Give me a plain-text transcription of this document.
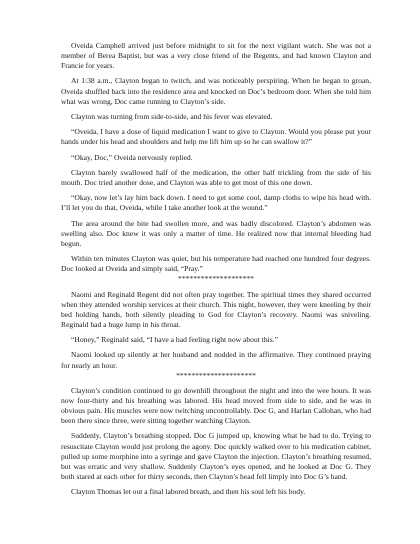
Oveida Camphell arrived just before midnight to sit for the next vigilant watch. She was not a member of Berea Baptist, but was a very close friend of the Regents, and had known Clayton and Francie for years.

At 1:38 a.m., Clayton began to twitch, and was noticeably perspiring. When he began to groan, Oveida shuffled back into the residence area and knocked on Doc’s bedroom door. When she told him what was wrong, Doc came running to Clayton’s side.

Clayton was turning from side-to-side, and his fever was elevated.

“Oveida, I have a dose of liquid medication I want to give to Clayton. Would you please put your hands under his head and shoulders and help me lift him up so he can swallow it?”

“Okay, Doc,” Oveida nervously replied.

Clayton barely swallowed half of the medication, the other half trickling from the side of his mouth. Doc tried another dose, and Clayton was able to get most of this one down.

“Okay, now let’s lay him back down. I need to get some cool, damp cloths to wipe his head with. I’ll let you do that, Oveida, while I take another look at the wound.”

The area around the bite had swollen more, and was badly discolored. Clayton’s abdomen was swelling also. Doc knew it was only a matter of time. He realized now that internal bleeding had begun.

Within ten minutes Clayton was quiet, but his temperature had reached one hundred four degrees. Doc looked at Oveida and simply said, “Pray.”

********************

Naomi and Reginald Regent did not often pray together. The spiritual times they shared occurred when they attended worship services at their church. This night, however, they were kneeling by their bed holding hands, both silently pleading to God for Clayton’s recovery. Naomi was sniveling. Reginald had a huge lump in his throat.

“Honey,” Reginald said, “I have a bad feeling right now about this.”

Naomi looked up silently at her husband and nodded in the affirmative. They continued praying for nearly an hour.

*********************

Clayton’s condition continued to go downhill throughout the night and into the wee hours. It was now four-thirty and his breathing was labored. His head moved from side to side, and he was in obvious pain. His muscles were now twitching uncontrollably. Doc G, and Harlan Callohan, who had been there since three, were sitting together watching Clayton.

Suddenly, Clayton’s breathing stopped. Doc G jumped up, knowing what he had to do. Trying to resuscitate Clayton would just prolong the agony. Doc quickly walked over to his medication cabinet, pulled up some morphine into a syringe and gave Clayton the injection. Clayton’s breathing resumed, but was erratic and very shallow. Suddenly Clayton’s eyes opened, and he looked at Doc G. They both stared at each other for thirty seconds, then Clayton’s head fell limply into Doc G’s hand.

Clayton Thomas let out a final labored breath, and then his soul left his body.
